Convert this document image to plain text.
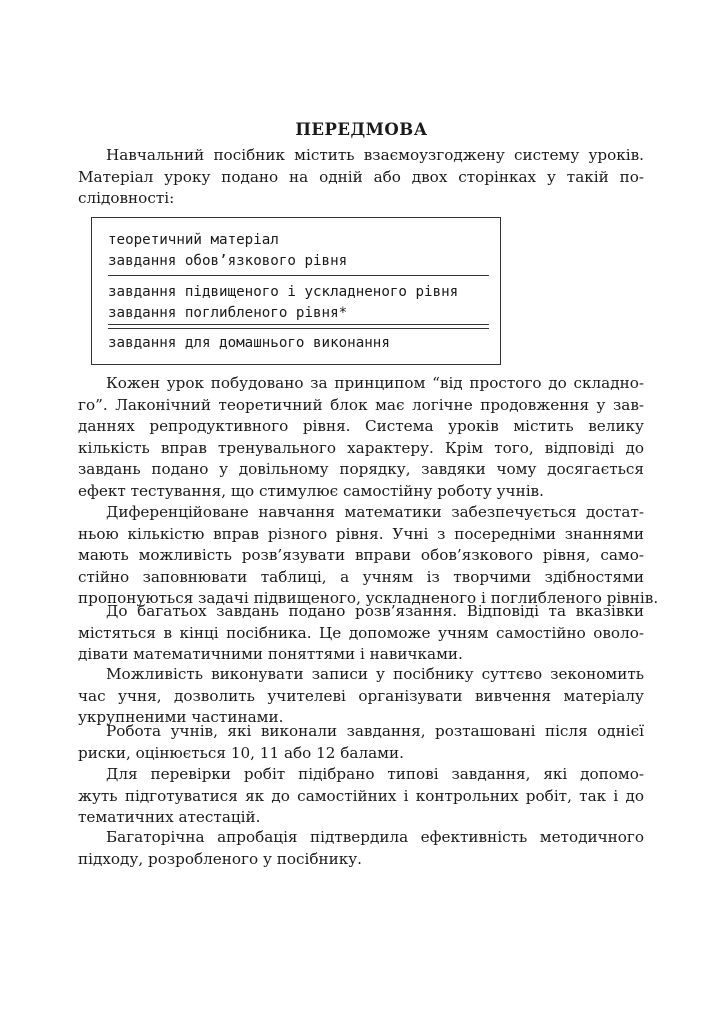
ПЕРЕДМОВА
Навчальний посібник містить взаємоузгоджену систему уроків.
Матеріал уроку подано на одній або двох сторінках у такій по-
слідовності:
теоретичний матеріал
завдання обов’язкового рівня
завдання підвищеного і ускладненого рівня
завдання поглибленого рівня*
завдання для домашнього виконання
Кожен урок побудовано за принципом “від простого до складно-
го”. Лаконічний теоретичний блок має логічне продовження у зав-
даннях репродуктивного рівня. Система уроків містить велику
кількість вправ тренувального характеру. Крім того, відповіді до
завдань подано у довільному порядку, завдяки чому досягається
ефект тестування, що стимулює самостійну роботу учнів.
Диференційоване навчання математики забезпечується достат-
ньою кількістю вправ різного рівня. Учні з посередніми знаннями
мають можливість розв’язувати вправи обов’язкового рівня, само-
стійно заповнювати таблиці, а учням із творчими здібностями
пропонуються задачі підвищеного, ускладненого і поглибленого рівнів.
До багатьох завдань подано розв’язання. Відповіді та вказівки
містяться в кінці посібника. Це допоможе учням самостійно оволо-
дівати математичними поняттями і навичками.
Можливість виконувати записи у посібнику суттєво зекономить
час учня, дозволить учителеві організувати вивчення матеріалу
укрупненими частинами.
Робота учнів, які виконали завдання, розташовані після однієї
риски, оцінюється 10, 11 або 12 балами.
Для перевірки робіт підібрано типові завдання, які допомо-
жуть підготуватися як до самостійних і контрольних робіт, так і до
тематичних атестацій.
Багаторічна апробація підтвердила ефективність методичного
підходу, розробленого у посібнику.
